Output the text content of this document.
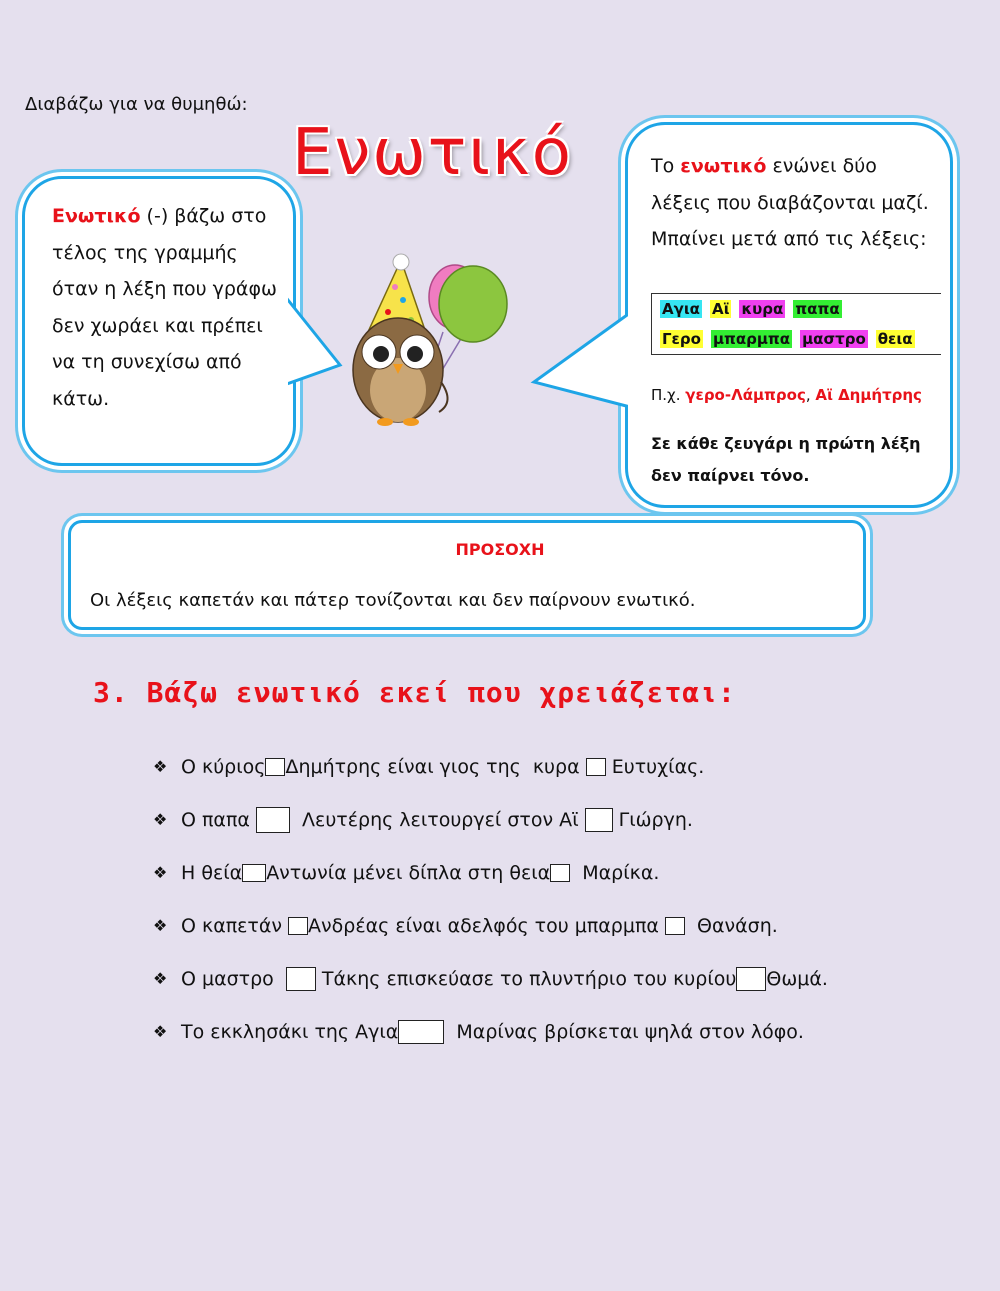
Διαβάζω για να θυμηθώ:
Ενωτικό
Ενωτικό (-) βάζω στο τέλος της γραμμής όταν η λέξη που γράφω δεν χωράει και πρέπει να τη συνεχίσω από κάτω.
Το ενωτικό ενώνει δύο λέξεις που διαβάζονται μαζί. Μπαίνει μετά από τις λέξεις:
Αγια Αϊ κυρα παπα
Γερο μπαρμπα μαστρο θεια
Π.χ. γερο-Λάμπρος, Αϊ Δημήτρης
Σε κάθε ζευγάρι η πρώτη λέξη δεν παίρνει τόνο.
ΠΡΟΣΟΧΗ
Οι λέξεις καπετάν και πάτερ τονίζονται και δεν παίρνουν ενωτικό.
3. Βάζω ενωτικό εκεί που χρειάζεται:
❖ Ο κύριος Δημήτρης είναι γιος της  κυρα Ευτυχίας.
❖ Ο παπα Λευτέρης λειτουργεί στον Αϊ Γιώργη.
❖ Η θεία Αντωνία μένει δίπλα στη θεια Μαρίκα.
❖ Ο καπετάν Ανδρέας είναι αδελφός του μπαρμπα Θανάση.
❖ Ο μαστρο Τάκης επισκεύασε το πλυντήριο του κυρίου Θωμά.
❖ Το εκκλησάκι της Αγια Μαρίνας βρίσκεται ψηλά στον λόφο.
